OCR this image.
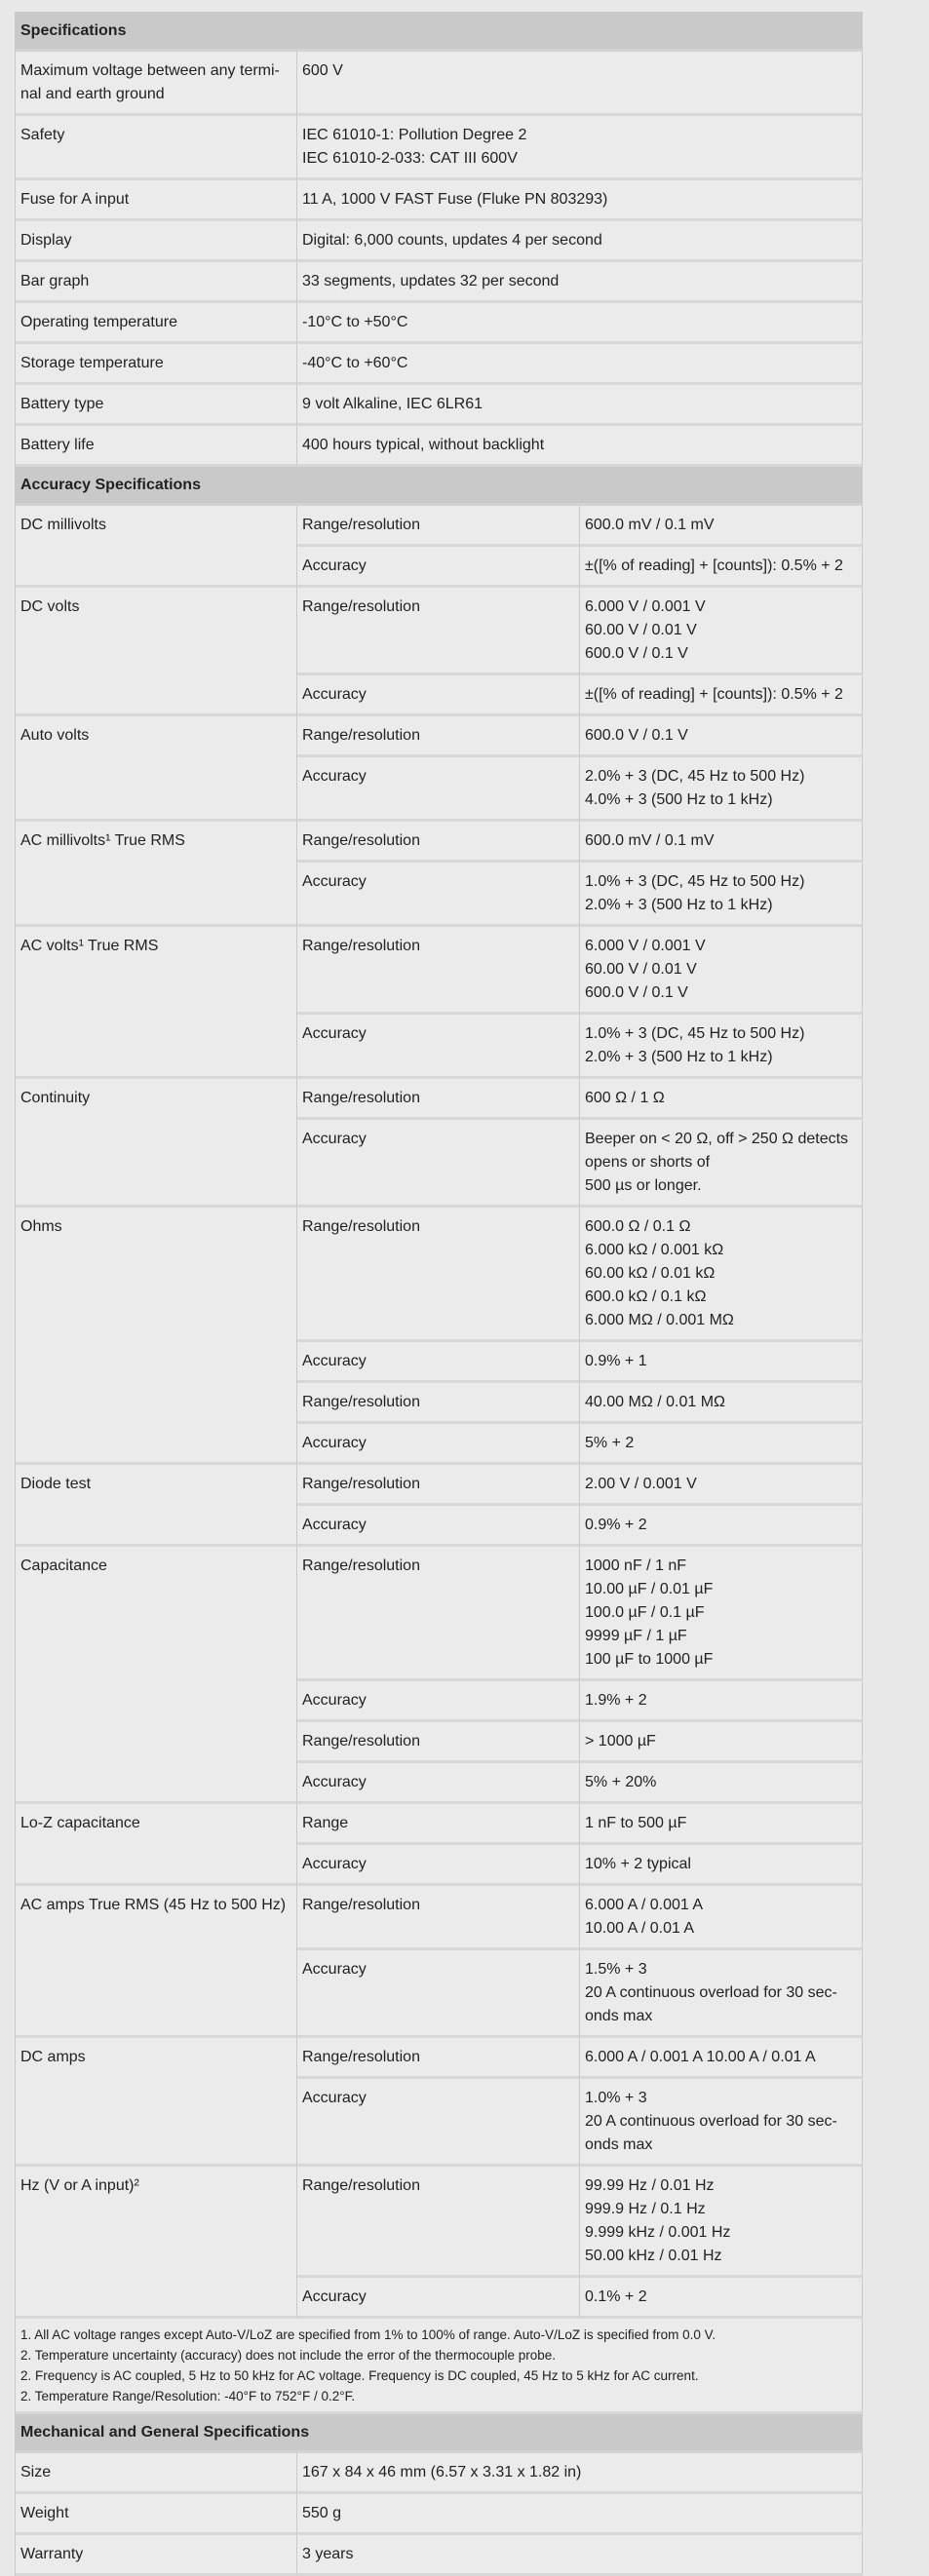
Specifications		

Maximum voltage between any termi-
nal and earth ground	600 V	

Safety	IEC 61010-1: Pollution Degree 2
IEC 61010-2-033: CAT III 600V	

Fuse for A input	11 A, 1000 V FAST Fuse (Fluke PN 803293)	

Display	Digital: 6,000 counts, updates 4 per second	

Bar graph	33 segments, updates 32 per second	

Operating temperature	-10°C to +50°C	

Storage temperature	-40°C to +60°C	

Battery type	9 volt Alkaline, IEC 6LR61	

Battery life	400 hours typical, without backlight	

Accuracy Specifications		
DC millivolts	Range/resolution	600.0 mV / 0.1 mV

	Accuracy	±([% of reading] + [counts]): 0.5% + 2

DC volts	Range/resolution	6.000 V / 0.001 V
60.00 V / 0.01 V
600.0 V / 0.1 V

	Accuracy	±([% of reading] + [counts]): 0.5% + 2

Auto volts	Range/resolution	600.0 V / 0.1 V

	Accuracy	2.0% + 3 (DC, 45 Hz to 500 Hz)
4.0% + 3 (500 Hz to 1 kHz)

AC millivolts¹ True RMS	Range/resolution	600.0 mV / 0.1 mV

	Accuracy	1.0% + 3 (DC, 45 Hz to 500 Hz)
2.0% + 3 (500 Hz to 1 kHz)

AC volts¹ True RMS	Range/resolution	6.000 V / 0.001 V
60.00 V / 0.01 V
600.0 V / 0.1 V

	Accuracy	1.0% + 3 (DC, 45 Hz to 500 Hz)
2.0% + 3 (500 Hz to 1 kHz)

Continuity	Range/resolution	600 Ω / 1 Ω

	Accuracy	Beeper on < 20 Ω, off > 250 Ω detects
opens or shorts of
500 µs or longer.

Ohms	Range/resolution	600.0 Ω / 0.1 Ω
6.000 kΩ / 0.001 kΩ
60.00 kΩ / 0.01 kΩ
600.0 kΩ / 0.1 kΩ
6.000 MΩ / 0.001 MΩ

	Accuracy	0.9% + 1

	Range/resolution	40.00 MΩ / 0.01 MΩ

	Accuracy	5% + 2

Diode test	Range/resolution	2.00 V / 0.001 V

	Accuracy	0.9% + 2

Capacitance	Range/resolution	1000 nF / 1 nF
10.00 µF / 0.01 µF
100.0 µF / 0.1 µF
9999 µF / 1 µF
100 µF to 1000 µF

	Accuracy	1.9% + 2

	Range/resolution	> 1000 µF

	Accuracy	5% + 20%

Lo-Z capacitance	Range	1 nF to 500 µF

	Accuracy	10% + 2 typical

AC amps True RMS (45 Hz to 500 Hz)	Range/resolution	6.000 A / 0.001 A
10.00 A / 0.01 A

	Accuracy	1.5% + 3
20 A continuous overload for 30 sec-
onds max

DC amps	Range/resolution	6.000 A / 0.001 A 10.00 A / 0.01 A

	Accuracy	1.0% + 3
20 A continuous overload for 30 sec-
onds max

Hz (V or A input)²	Range/resolution	99.99 Hz / 0.01 Hz
999.9 Hz / 0.1 Hz
9.999 kHz / 0.001 Hz
50.00 kHz / 0.01 Hz

	Accuracy	0.1% + 2

1. All AC voltage ranges except Auto-V/LoZ are specified from 1% to 100% of range. Auto-V/LoZ is specified from 0.0 V.
2. Temperature uncertainty (accuracy) does not include the error of the thermocouple probe.
2. Frequency is AC coupled, 5 Hz to 50 kHz for AC voltage. Frequency is DC coupled, 45 Hz to 5 kHz for AC current.
2. Temperature Range/Resolution: -40°F to 752°F / 0.2°F.		

Mechanical and General Specifications		
Size	167 x 84 x 46 mm (6.57 x 3.31 x 1.82 in)	

Weight	550 g	

Warranty	3 years	
